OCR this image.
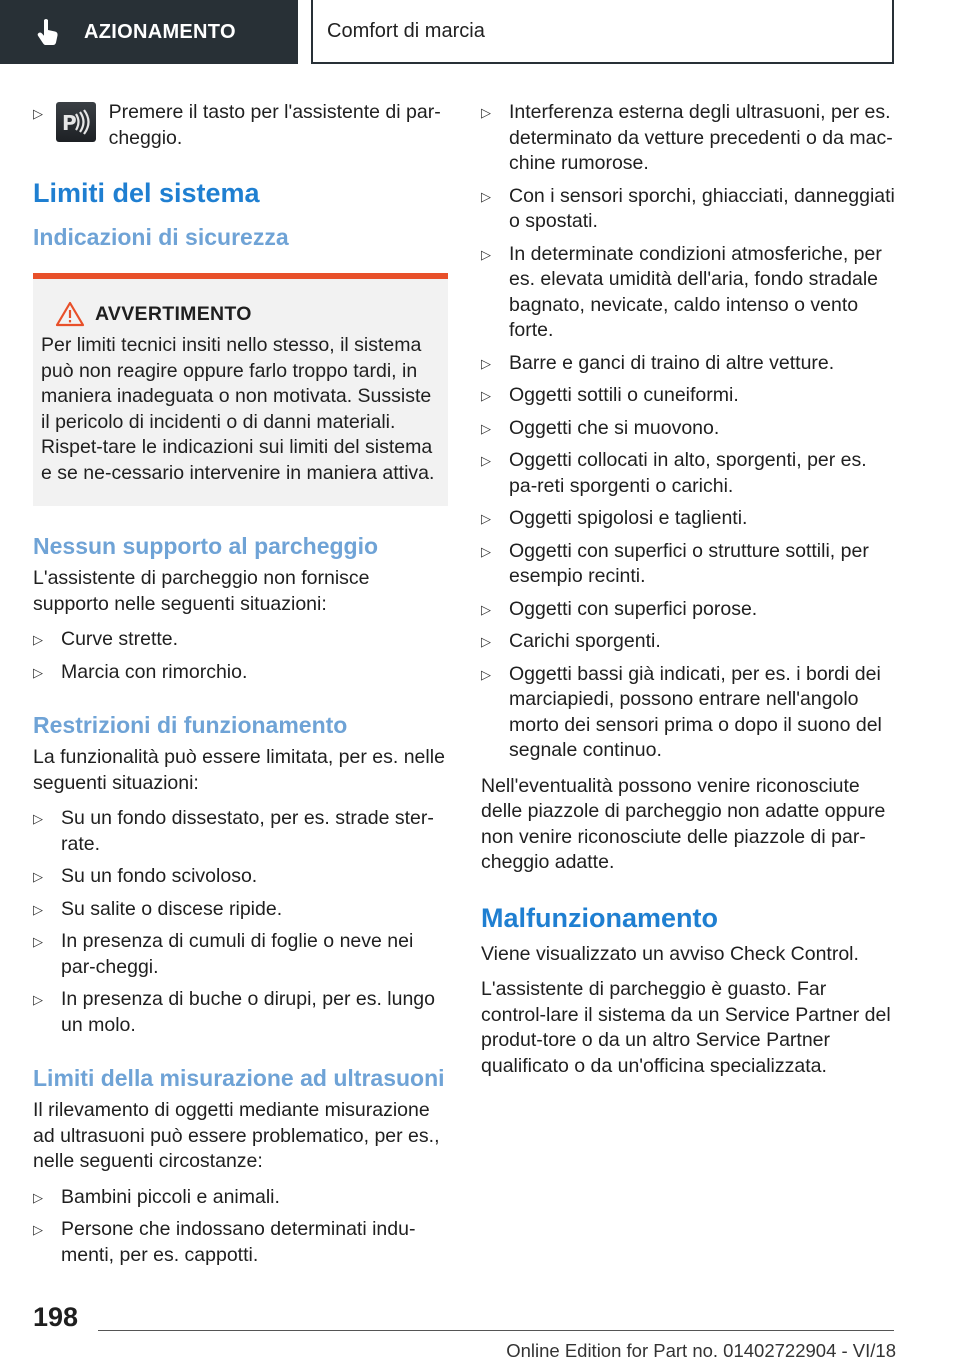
AZIONAMENTO	Comfort di marcia
▷ P Premere il tasto per l'assistente di par-cheggio.
Limiti del sistema
Indicazioni di sicurezza
AVVERTIMENTO

Per limiti tecnici insiti nello stesso, il sistema può non reagire oppure farlo troppo tardi, in maniera inadeguata o non motivata. Sussiste il pericolo di incidenti o di danni materiali. Rispet-tare le indicazioni sui limiti del sistema e se ne-cessario intervenire in maniera attiva.

Nessun supporto al parcheggio

L'assistente di parcheggio non fornisce supporto nelle seguenti situazioni:

▷ Curve strette.
▷ Marcia con rimorchio.
Restrizioni di funzionamento

La funzionalità può essere limitata, per es. nelle seguenti situazioni:

▷ Su un fondo dissestato, per es. strade ster-rate.
▷ Su un fondo scivoloso.
▷ Su salite o discese ripide.
▷ In presenza di cumuli di foglie o neve nei par-cheggi.
▷ In presenza di buche o dirupi, per es. lungo un molo.
Limiti della misurazione ad ultrasuoni

Il rilevamento di oggetti mediante misurazione ad ultrasuoni può essere problematico, per es., nelle seguenti circostanze:

▷ Bambini piccoli e animali.
▷ Persone che indossano determinati indu-menti, per es. cappotti.
▷ Interferenza esterna degli ultrasuoni, per es. determinato da vetture precedenti o da mac-chine rumorose.
▷ Con i sensori sporchi, ghiacciati, danneggiati o spostati.
▷ In determinate condizioni atmosferiche, per es. elevata umidità dell'aria, fondo stradale bagnato, nevicate, caldo intenso o vento forte.
▷ Barre e ganci di traino di altre vetture.
▷ Oggetti sottili o cuneiformi.
▷ Oggetti che si muovono.
▷ Oggetti collocati in alto, sporgenti, per es. pa-reti sporgenti o carichi.
▷ Oggetti spigolosi e taglienti.
▷ Oggetti con superfici o strutture sottili, per esempio recinti.
▷ Oggetti con superfici porose.
▷ Carichi sporgenti.
▷ Oggetti bassi già indicati, per es. i bordi dei marciapiedi, possono entrare nell'angolo morto dei sensori prima o dopo il suono del segnale continuo.

Nell'eventualità possono venire riconosciute delle piazzole di parcheggio non adatte oppure non venire riconosciute delle piazzole di par-cheggio adatte.

Malfunzionamento

Viene visualizzato un avviso Check Control.

L'assistente di parcheggio è guasto. Far control-lare il sistema da un Service Partner del produt-tore o da un altro Service Partner qualificato o da un'officina specializzata.

198
Online Edition for Part no. 01402722904 - VI/18
